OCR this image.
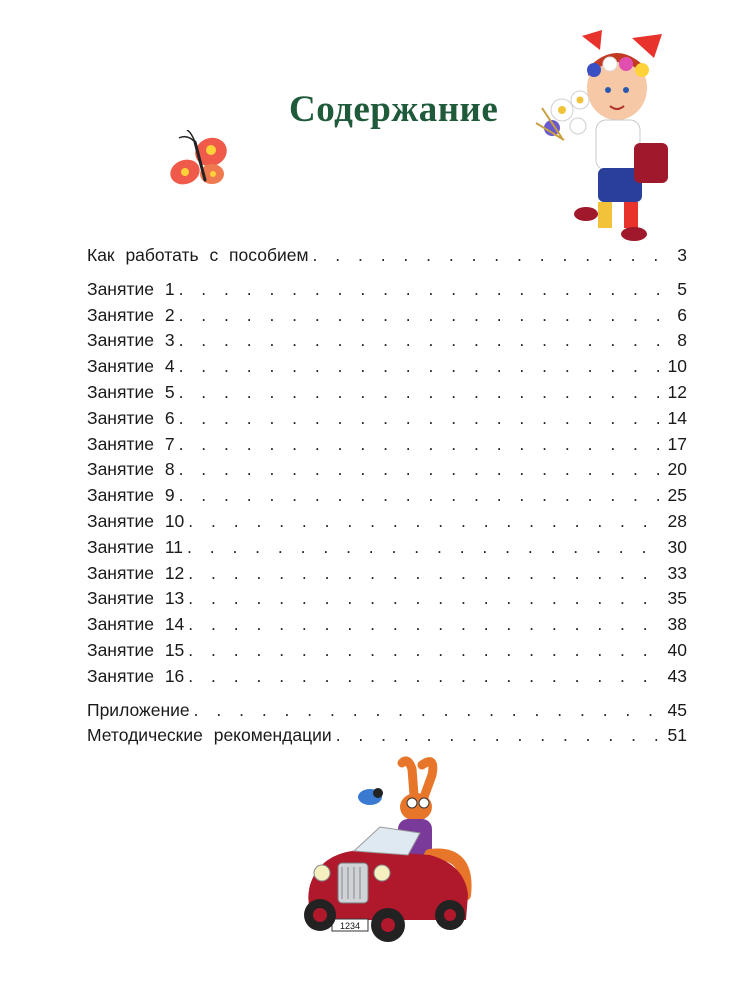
Содержание
Как работать с пособием . . .	3
Занятие 1 . . .	5
Занятие 2 . . .	6
Занятие 3 . . .	8
Занятие 4 . . .	10
Занятие 5 . . .	12
Занятие 6 . . .	14
Занятие 7 . . .	17
Занятие 8 . . .	20
Занятие 9 . . .	25
Занятие 10 . . .	28
Занятие 11 . . .	30
Занятие 12 . . .	33
Занятие 13 . . .	35
Занятие 14 . . .	38
Занятие 15 . . .	40
Занятие 16 . . .	43
Приложение . . .	45
Методические рекомендации . . .	51
1234
